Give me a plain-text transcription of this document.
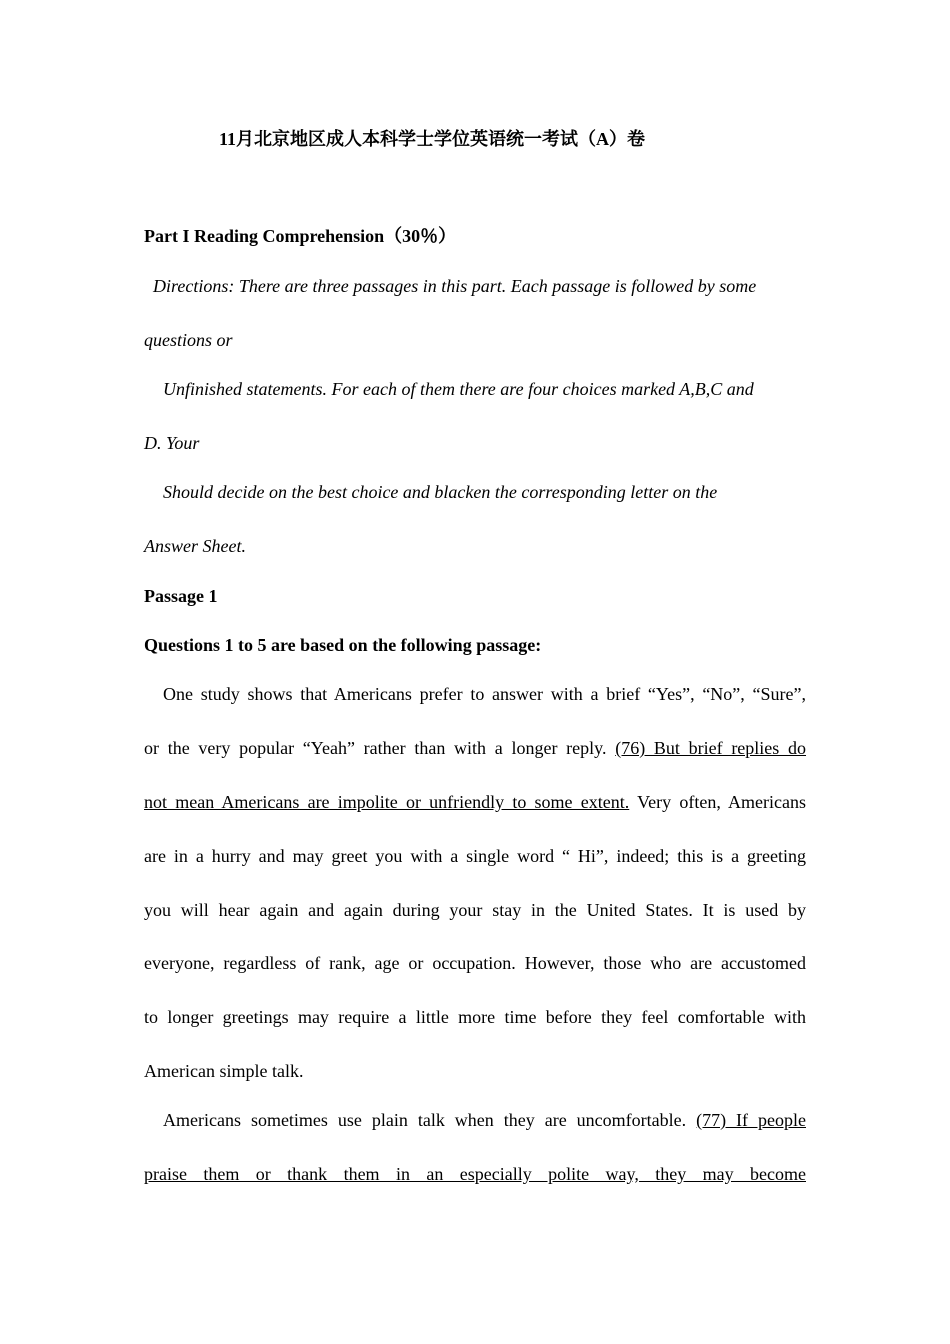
11月北京地区成人本科学士学位英语统一考试（A）卷
Part I Reading Comprehension（30％）
Directions: There are three passages in this part. Each passage is followed by some
questions or
Unfinished statements. For each of them there are four choices marked A,B,C and
D. Your
Should decide on the best choice and blacken the corresponding letter on the
Answer Sheet.
Passage 1
Questions 1 to 5 are based on the following passage:
One study shows that Americans prefer to answer with a brief “Yes”, “No”, “Sure”,
or the very popular “Yeah” rather than with a longer reply. (76) But brief replies do
not mean Americans are impolite or unfriendly to some extent. Very often, Americans
are in a hurry and may greet you with a single word “ Hi”, indeed; this is a greeting
you will hear again and again during your stay in the United States. It is used by
everyone, regardless of rank, age or occupation. However, those who are accustomed
to longer greetings may require a little more time before they feel comfortable with
American simple talk.
Americans sometimes use plain talk when they are uncomfortable. (77) If people
praise them or thank them in an especially polite way, they may become
